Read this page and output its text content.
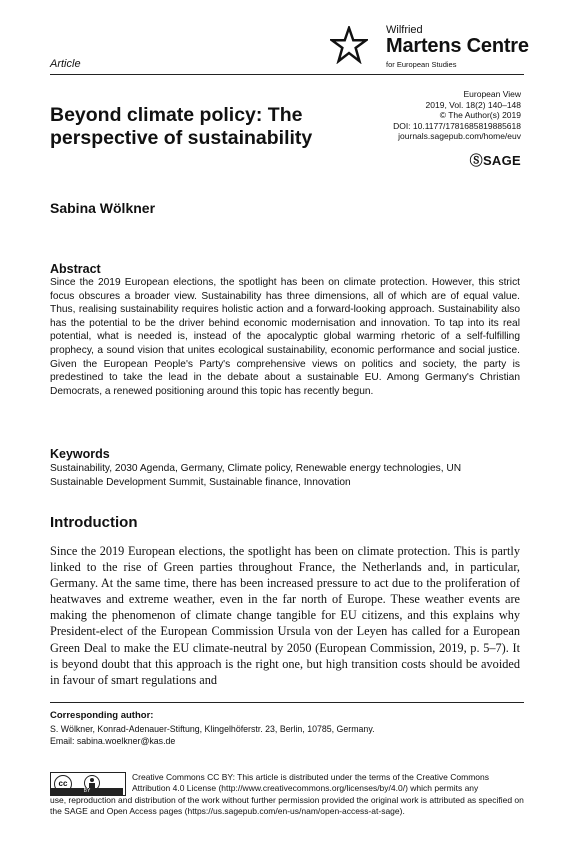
Article
Wilfried
Martens Centre
for European Studies
European View
2019, Vol. 18(2) 140–148
© The Author(s) 2019
DOI: 10.1177/1781685819885618
journals.sagepub.com/home/euv
ⓈSAGE
Beyond climate policy: The
perspective of sustainability
Sabina Wölkner
Abstract
Since the 2019 European elections, the spotlight has been on climate protection. However, this strict focus obscures a broader view. Sustainability has three dimensions, all of which are of equal value. Thus, realising sustainability requires holistic action and a forward-looking approach. Sustainability also has the potential to be the driver behind economic modernisation and innovation. To tap into its real potential, what is needed is, instead of the apocalyptic global warming rhetoric of a self-fulfilling prophecy, a sound vision that unites ecological sustainability, economic performance and social justice. Given the European People's Party's comprehensive views on politics and society, the party is predestined to take the lead in the debate about a sustainable EU. Among Germany's Christian Democrats, a renewed positioning around this topic has recently begun.
Keywords
Sustainability, 2030 Agenda, Germany, Climate policy, Renewable energy technologies, UN
Sustainable Development Summit, Sustainable finance, Innovation
Introduction
Since the 2019 European elections, the spotlight has been on climate protection. This is partly linked to the rise of Green parties throughout France, the Netherlands and, in particular, Germany. At the same time, there has been increased pressure to act due to the proliferation of heatwaves and extreme weather, even in the far north of Europe. These weather events are making the phenomenon of climate change tangible for EU citizens, and this explains why President-elect of the European Commission Ursula von der Leyen has called for a European Green Deal to make the EU climate-neutral by 2050 (European Commission, 2019, p. 5–7). It is beyond doubt that this approach is the right one, but high transition costs should be avoided in favour of smart regulations and
Corresponding author:
S. Wölkner, Konrad-Adenauer-Stiftung, Klingelhöferstr. 23, Berlin, 10785, Germany.
Email: sabina.woelkner@kas.de
cc
BY
Creative Commons CC BY: This article is distributed under the terms of the Creative Commons Attribution 4.0 License (http://www.creativecommons.org/licenses/by/4.0/) which permits any
use, reproduction and distribution of the work without further permission provided the original work is attributed as specified on the SAGE and Open Access pages (https://us.sagepub.com/en-us/nam/open-access-at-sage).
